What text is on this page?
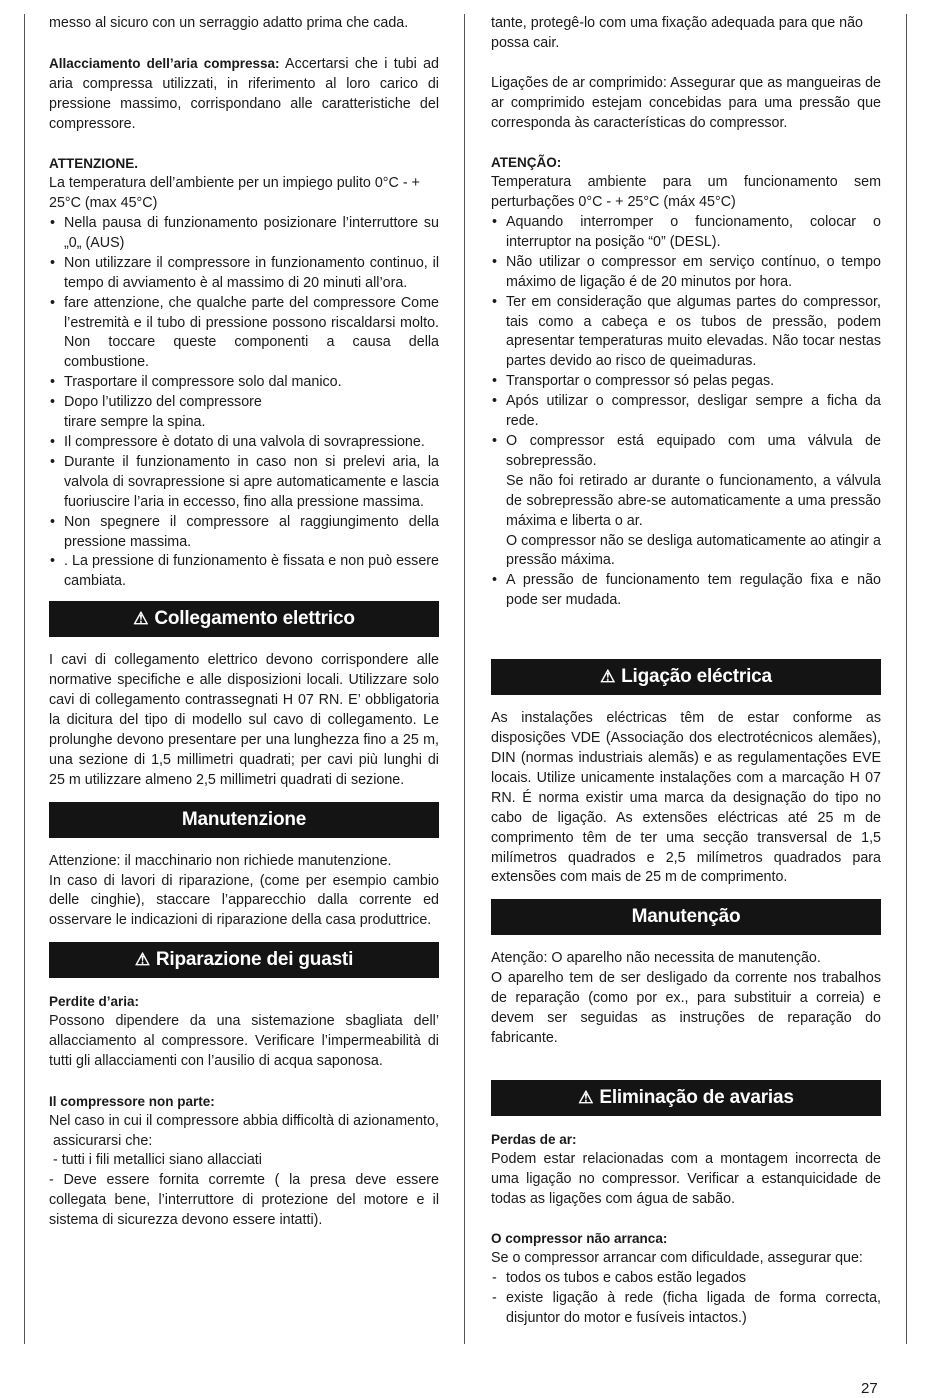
messo al sicuro con un serraggio adatto prima che cada.

Allacciamento dell’aria compressa: Accertarsi che i tubi ad aria compressa utilizzati, in riferimento al loro carico di pressione massimo, corrispondano alle caratteristiche del compressore.

ATTENZIONE.

La temperatura dell’ambiente per un impiego pulito 0°C - + 25°C (max 45°C)

• Nella pausa di funzionamento posizionare l’interruttore su „0„ (AUS)
• Non utilizzare il compressore in funzionamento continuo, il tempo di avviamento è al massimo di 20 minuti all’ora.
• fare attenzione, che qualche parte del compressore Come l’estremità e il tubo di pressione possono riscaldarsi molto. Non toccare queste componenti a causa della combustione.
• Trasportare il compressore solo dal manico.
• Dopo l’utilizzo del compressore tirare sempre la spina.
• Il compressore è dotato di una valvola di sovrapressione.
• Durante il funzionamento in caso non si prelevi aria, la valvola di sovrapressione si apre automaticamente e lascia fuoriuscire l’aria in eccesso, fino alla pressione massima.
• Non spegnere il compressore al raggiungimento della pressione massima.
• . La pressione di funzionamento è fissata e non può essere cambiata.
⚠ Collegamento elettrico

I cavi di collegamento elettrico devono corrispondere alle normative specifiche e alle disposizioni locali. Utilizzare solo cavi di collegamento contrassegnati H 07 RN. E’ obbligatoria la dicitura del tipo di modello sul cavo di collegamento. Le prolunghe devono presentare per una lunghezza fino a 25 m, una sezione di 1,5 millimetri quadrati; per cavi più lunghi di 25 m utilizzare almeno 2,5 millimetri quadrati di sezione.

Manutenzione

Attenzione: il macchinario non richiede manutenzione.

In caso di lavori di riparazione, (come per esempio cambio delle cinghie), staccare l’apparecchio dalla corrente ed osservare le indicazioni di riparazione della casa produttrice.

⚠ Riparazione dei guasti

Perdite d’aria:

Possono dipendere da una sistemazione sbagliata dell’ allacciamento al compressore. Verificare l’impermeabilità di tutti gli allacciamenti con l’ausilio di acqua saponosa.

Il compressore non parte:

Nel caso in cui il compressore abbia difficoltà di azionamento,

assicurarsi che:

- tutti i fili metallici siano allacciati

- Deve essere fornita corremte ( la presa deve essere collegata bene, l’interruttore di protezione del motore e il sistema di sicurezza devono essere intatti).

tante, protegê-lo com uma fixação adequada para que não possa cair.

Ligações de ar comprimido: Assegurar que as mangueiras de ar comprimido estejam concebidas para uma pressão que corresponda às características do compressor.

ATENÇÃO:

Temperatura ambiente para um funcionamento sem perturbações 0°C - + 25°C (máx 45°C)

• Aquando interromper o funcionamento, colocar o interruptor na posição “0” (DESL).
• Não utilizar o compressor em serviço contínuo, o tempo máximo de ligação é de 20 minutos por hora.
• Ter em consideração que algumas partes do compressor, tais como a cabeça e os tubos de pressão, podem apresentar temperaturas muito elevadas. Não tocar nestas partes devido ao risco de queimaduras.
• Transportar o compressor só pelas pegas.
• Após utilizar o compressor, desligar sempre a ficha da rede.
• O compressor está equipado com uma válvula de sobrepressão.

Se não foi retirado ar durante o funcionamento, a válvula de sobrepressão abre-se automaticamente a uma pressão máxima e liberta o ar.

O compressor não se desliga automaticamente ao atingir a pressão máxima.

• A pressão de funcionamento tem regulação fixa e não pode ser mudada.
⚠ Ligação eléctrica

As instalações eléctricas têm de estar conforme as disposições VDE (Associação dos electrotécnicos alemães), DIN (normas industriais alemãs) e as regulamentações EVE locais. Utilize unicamente instalações com a marcação H 07 RN. É norma existir uma marca da designação do tipo no cabo de ligação. As extensões eléctricas até 25 m de comprimento têm de ter uma secção transversal de 1,5 milímetros quadrados e 2,5 milímetros quadrados para extensões com mais de 25 m de comprimento.

Manutenção

Atenção: O aparelho não necessita de manutenção.

O aparelho tem de ser desligado da corrente nos trabalhos de reparação (como por ex., para substituir a correia) e devem ser seguidas as instruções de reparação do fabricante.

⚠ Eliminação de avarias

Perdas de ar:

Podem estar relacionadas com a montagem incorrecta de uma ligação no compressor. Verificar a estanquicidade de todas as ligações com água de sabão.

O compressor não arranca:

Se o compressor arrancar com dificuldade, assegurar que:

- todos os tubos e cabos estão legados
- existe ligação à rede (ficha ligada de forma correcta, disjuntor do motor e fusíveis intactos.)
27
